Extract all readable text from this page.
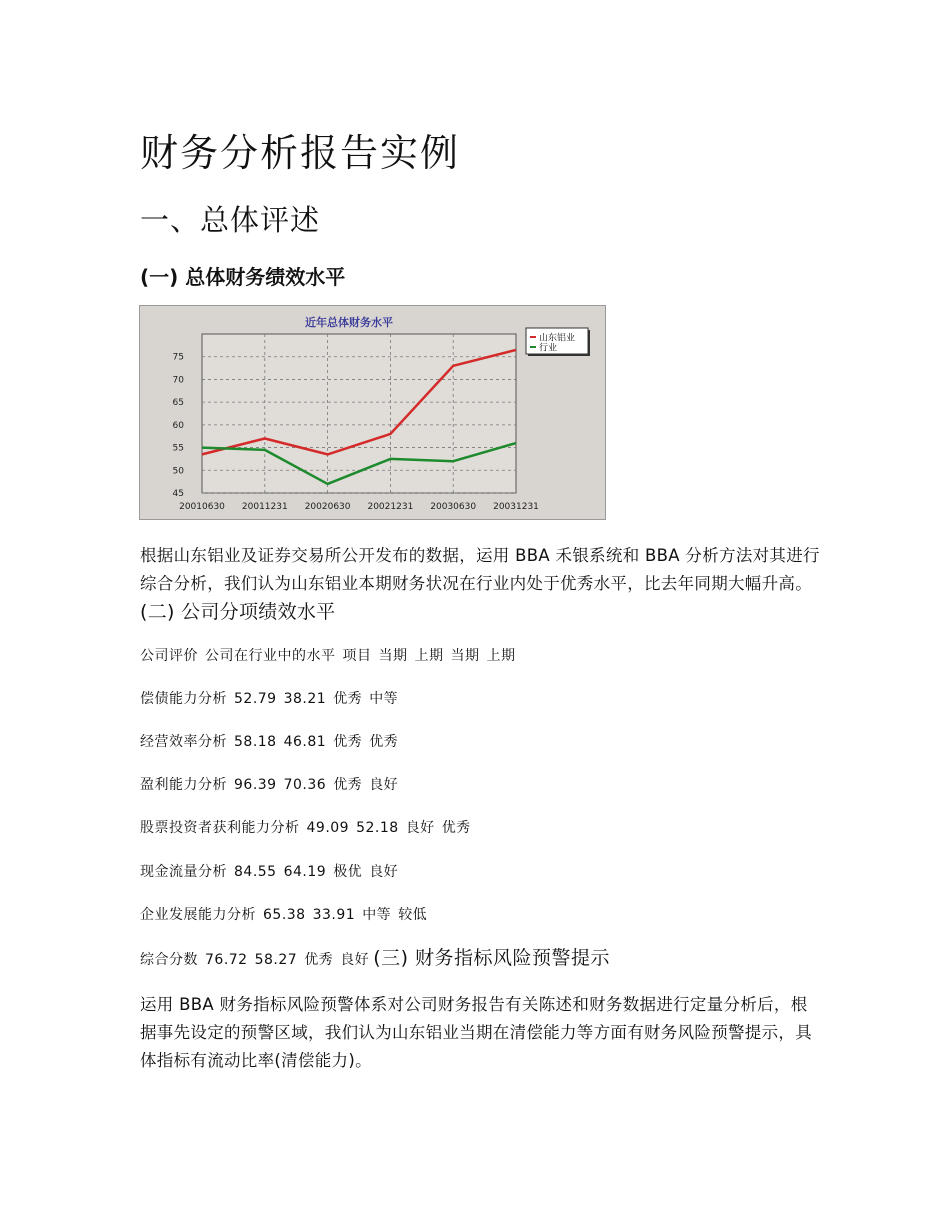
财务分析报告实例
一、总体评述
(一) 总体财务绩效水平
近年总体财务水平
45
50
55
60
65
70
75
20010630 20011231 20020630 20021231 20030630 20031231
山东铝业
行业

根据山东铝业及证券交易所公开发布的数据，运用 BBA 禾银系统和 BBA 分析方法对其进行综合分析，我们认为山东铝业本期财务状况在行业内处于优秀水平，比去年同期大幅升高。(二) 公司分项绩效水平

公司评价 公司在行业中的水平 项目 当期 上期 当期 上期
偿债能力分析 52.79 38.21 优秀 中等
经营效率分析 58.18 46.81 优秀 优秀
盈利能力分析 96.39 70.36 优秀 良好
股票投资者获利能力分析 49.09 52.18 良好 优秀
现金流量分析 84.55 64.19 极优 良好
企业发展能力分析 65.38 33.91 中等 较低
综合分数 76.72 58.27 优秀 良好 (三) 财务指标风险预警提示

运用 BBA 财务指标风险预警体系对公司财务报告有关陈述和财务数据进行定量分析后，根据事先设定的预警区域，我们认为山东铝业当期在清偿能力等方面有财务风险预警提示，具体指标有流动比率(清偿能力)。
